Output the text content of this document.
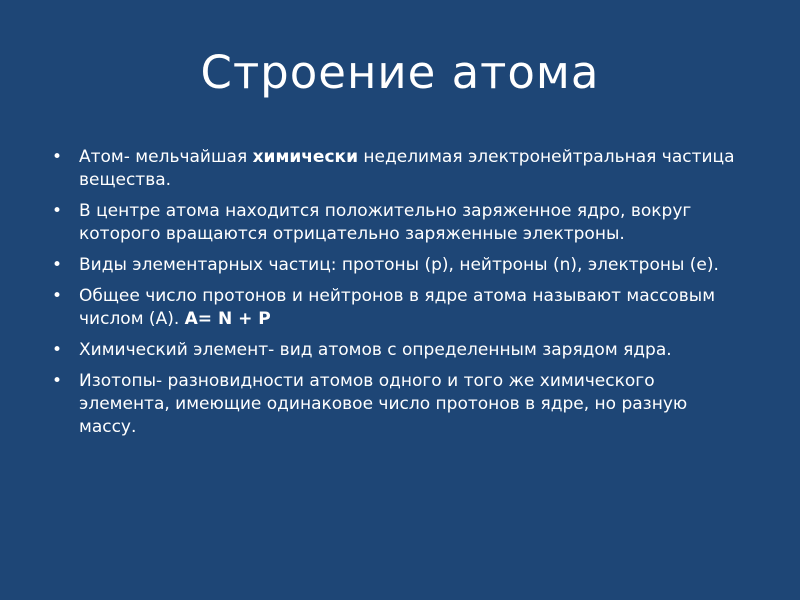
Строение атома
• Атом- мельчайшая химически неделимая электронейтральная частица вещества.
• В центре атома находится положительно заряженное ядро, вокруг которого вращаются отрицательно заряженные электроны.
• Виды элементарных частиц: протоны (p), нейтроны (n), электроны (e).
• Общее число протонов и нейтронов в ядре атома называют массовым числом (A). A= N + P
• Химический элемент- вид атомов с определенным зарядом ядра.
• Изотопы- разновидности атомов одного и того же химического элемента, имеющие одинаковое число протонов в ядре, но разную массу.
